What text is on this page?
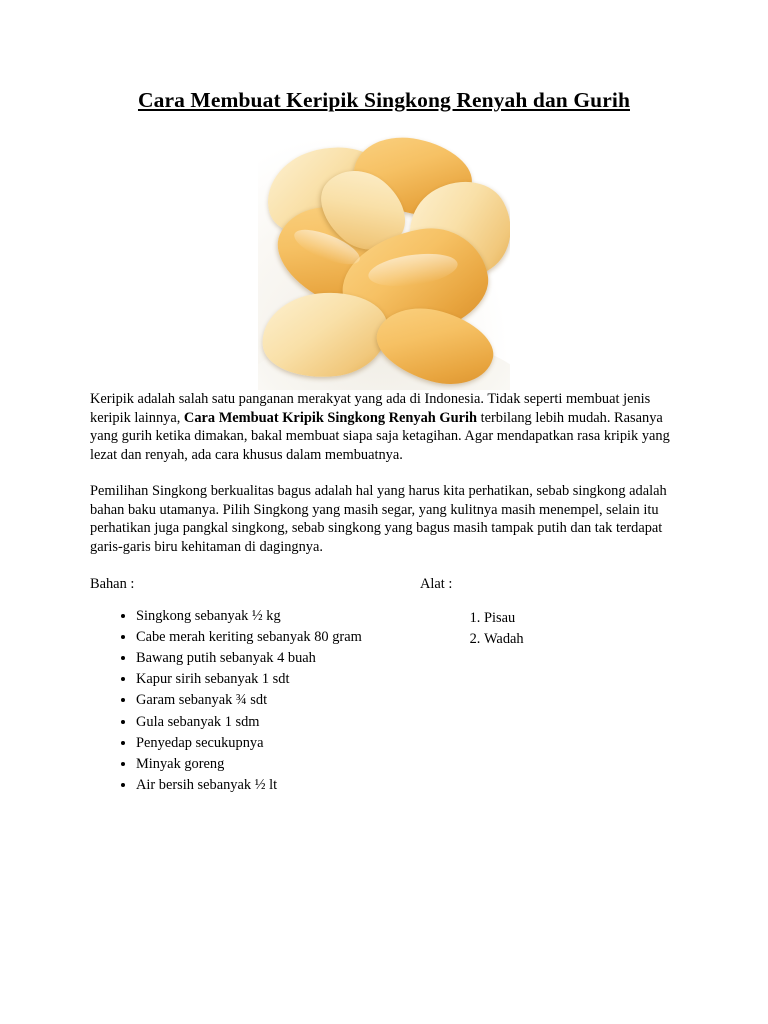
Cara Membuat Keripik Singkong Renyah dan Gurih

Keripik adalah salah satu panganan merakyat yang ada di Indonesia. Tidak seperti membuat jenis keripik lainnya, Cara Membuat Kripik Singkong Renyah Gurih terbilang lebih mudah. Rasanya yang gurih ketika dimakan, bakal membuat siapa saja ketagihan. Agar mendapatkan rasa kripik yang lezat dan renyah, ada cara khusus dalam membuatnya.

Pemilihan Singkong berkualitas bagus adalah hal yang harus kita perhatikan, sebab singkong adalah bahan baku utamanya. Pilih Singkong yang masih segar, yang kulitnya masih menempel, selain itu perhatikan juga pangkal singkong, sebab singkong yang bagus masih tampak putih dan tak terdapat garis-garis biru kehitaman di dagingnya.

Bahan :	Alat :
• Singkong sebanyak ½ kg
• Cabe merah keriting sebanyak 80 gram
• Bawang putih sebanyak 4 buah
• Kapur sirih sebanyak 1 sdt
• Garam sebanyak ¾ sdt
• Gula sebanyak 1 sdm
• Penyedap secukupnya
• Minyak goreng
• Air bersih sebanyak ½ lt
1. Pisau
2. Wadah
